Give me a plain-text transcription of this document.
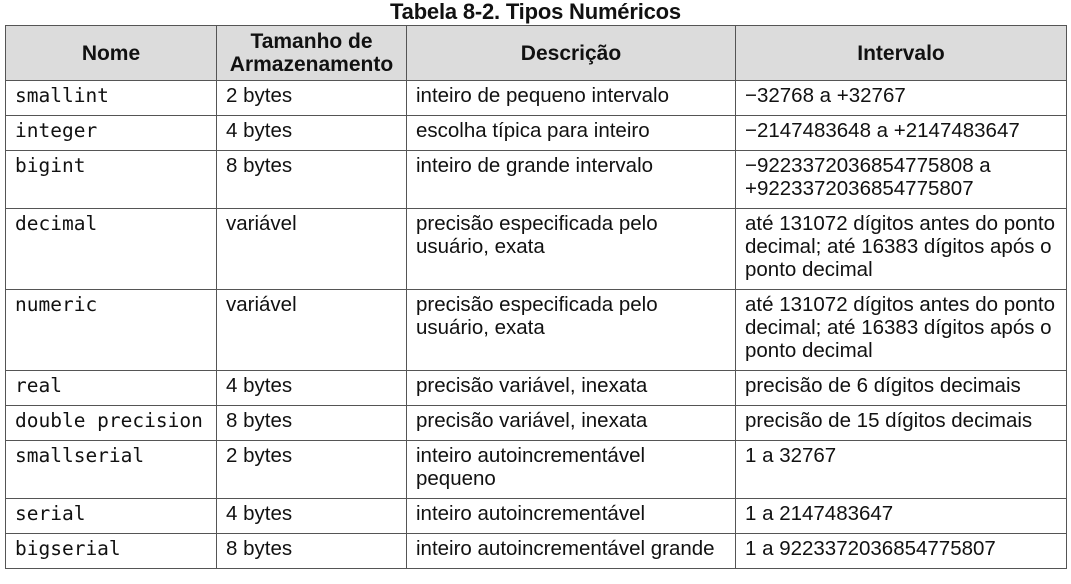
Tabela 8-2. Tipos Numéricos
Nome	Tamanho de Armazenamento	Descrição	Intervalo
smallint	2 bytes	inteiro de pequeno intervalo	−32768 a +32767
integer	4 bytes	escolha típica para inteiro	−2147483648 a +2147483647
bigint	8 bytes	inteiro de grande intervalo	−9223372036854775808 a +9223372036854775807
decimal	variável	precisão especificada pelo usuário, exata	até 131072 dígitos antes do ponto decimal; até 16383 dígitos após o ponto decimal
numeric	variável	precisão especificada pelo usuário, exata	até 131072 dígitos antes do ponto decimal; até 16383 dígitos após o ponto decimal
real	4 bytes	precisão variável, inexata	precisão de 6 dígitos decimais
double precision	8 bytes	precisão variável, inexata	precisão de 15 dígitos decimais
smallserial	2 bytes	inteiro autoincrementável pequeno	1 a 32767
serial	4 bytes	inteiro autoincrementável	1 a 2147483647
bigserial	8 bytes	inteiro autoincrementável grande	1 a 9223372036854775807
